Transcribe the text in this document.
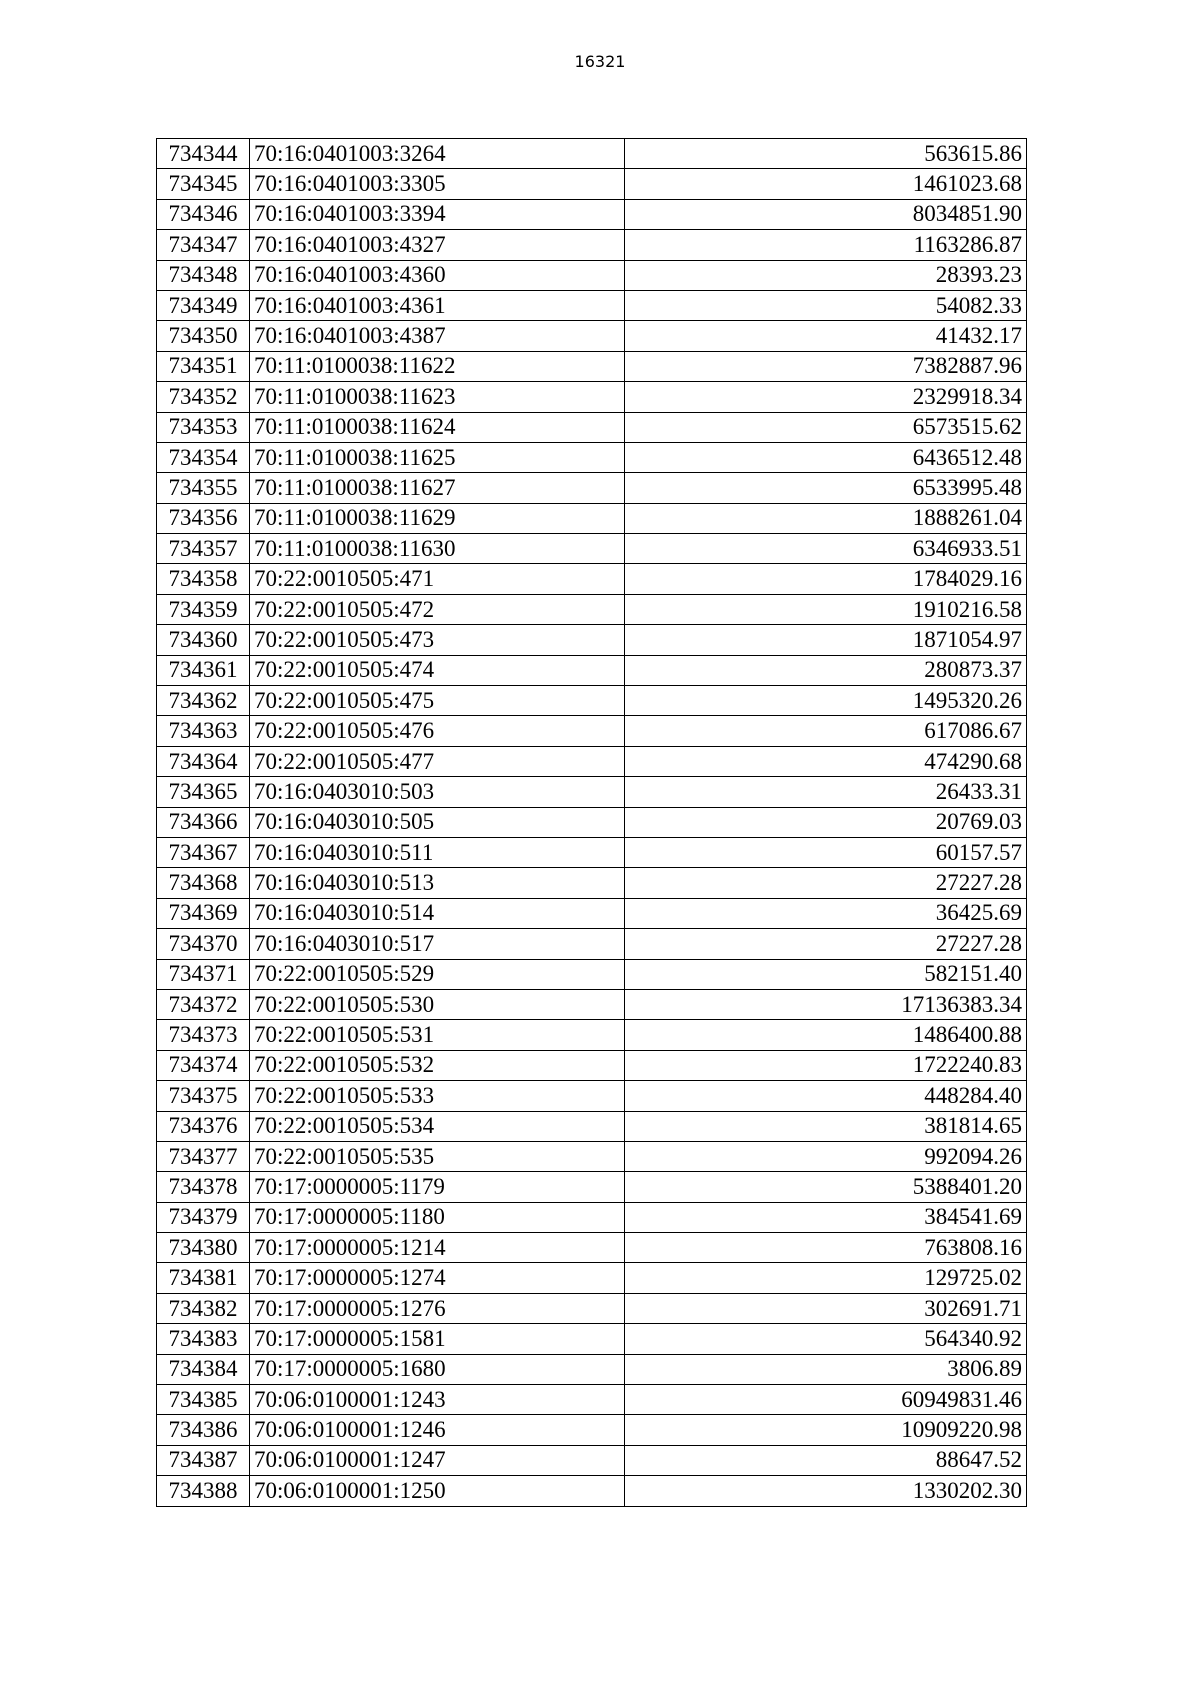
16321
734344	70:16:0401003:3264	563615.86
734345	70:16:0401003:3305	1461023.68
734346	70:16:0401003:3394	8034851.90
734347	70:16:0401003:4327	1163286.87
734348	70:16:0401003:4360	28393.23
734349	70:16:0401003:4361	54082.33
734350	70:16:0401003:4387	41432.17
734351	70:11:0100038:11622	7382887.96
734352	70:11:0100038:11623	2329918.34
734353	70:11:0100038:11624	6573515.62
734354	70:11:0100038:11625	6436512.48
734355	70:11:0100038:11627	6533995.48
734356	70:11:0100038:11629	1888261.04
734357	70:11:0100038:11630	6346933.51
734358	70:22:0010505:471	1784029.16
734359	70:22:0010505:472	1910216.58
734360	70:22:0010505:473	1871054.97
734361	70:22:0010505:474	280873.37
734362	70:22:0010505:475	1495320.26
734363	70:22:0010505:476	617086.67
734364	70:22:0010505:477	474290.68
734365	70:16:0403010:503	26433.31
734366	70:16:0403010:505	20769.03
734367	70:16:0403010:511	60157.57
734368	70:16:0403010:513	27227.28
734369	70:16:0403010:514	36425.69
734370	70:16:0403010:517	27227.28
734371	70:22:0010505:529	582151.40
734372	70:22:0010505:530	17136383.34
734373	70:22:0010505:531	1486400.88
734374	70:22:0010505:532	1722240.83
734375	70:22:0010505:533	448284.40
734376	70:22:0010505:534	381814.65
734377	70:22:0010505:535	992094.26
734378	70:17:0000005:1179	5388401.20
734379	70:17:0000005:1180	384541.69
734380	70:17:0000005:1214	763808.16
734381	70:17:0000005:1274	129725.02
734382	70:17:0000005:1276	302691.71
734383	70:17:0000005:1581	564340.92
734384	70:17:0000005:1680	3806.89
734385	70:06:0100001:1243	60949831.46
734386	70:06:0100001:1246	10909220.98
734387	70:06:0100001:1247	88647.52
734388	70:06:0100001:1250	1330202.30
